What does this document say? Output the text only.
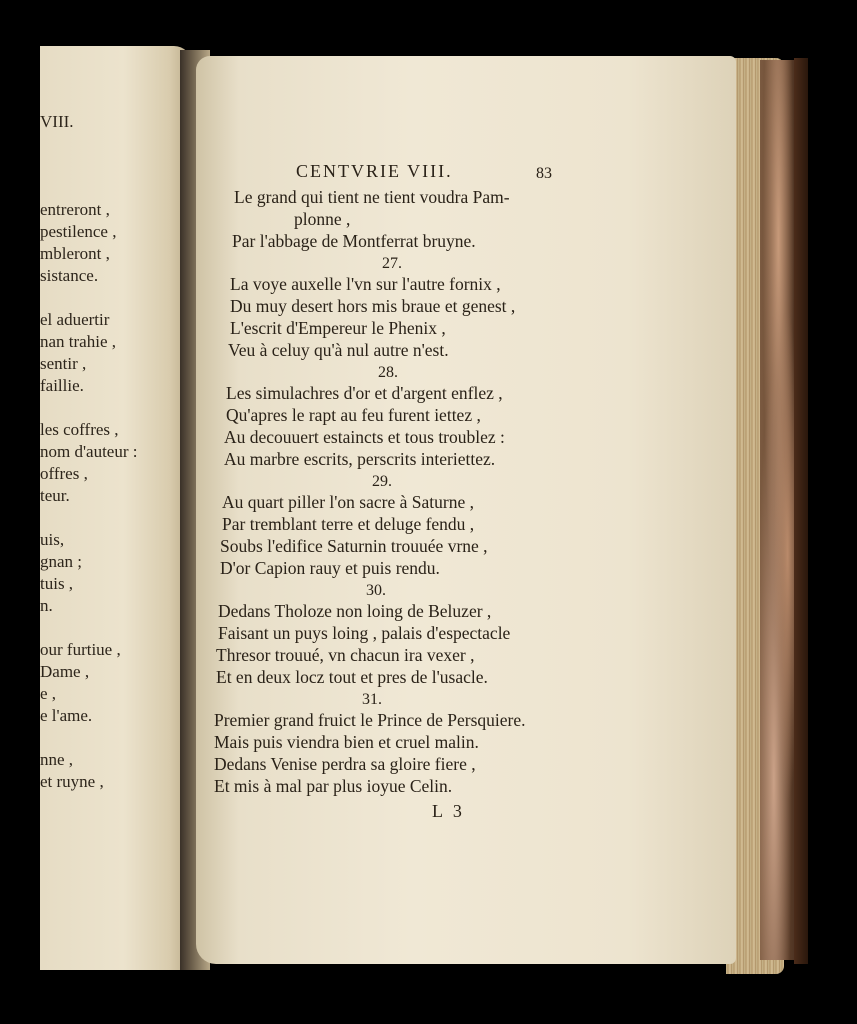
VIII.
entreront ,
pestilence ,
mbleront ,
sistance.
el aduertir
nan trahie ,
sentir ,
faillie.
les coffres ,
nom d'auteur :
offres ,
teur.
uis,
gnan ;
tuis ,
n.
our furtiue ,
Dame ,
e ,
e l'ame.
nne ,
et ruyne ,
CENTVRIE VIII.	83
Le grand qui tient ne tient voudra Pam-
plonne ,
Par l'abbage de Montferrat bruyne.
27.
La voye auxelle l'vn sur l'autre fornix ,
Du muy desert hors mis braue et genest ,
L'escrit d'Empereur le Phenix ,
Veu à celuy qu'à nul autre n'est.
28.
Les simulachres d'or et d'argent enflez ,
Qu'apres le rapt au feu furent iettez ,
Au decouuert estaincts et tous troublez :
Au marbre escrits, perscrits interiettez.
29.
Au quart piller l'on sacre à Saturne ,
Par tremblant terre et deluge fendu ,
Soubs l'edifice Saturnin trouuée vrne ,
D'or Capion rauy et puis rendu.
30.
Dedans Tholoze non loing de Beluzer ,
Faisant un puys loing , palais d'espectacle
Thresor trouué, vn chacun ira vexer ,
Et en deux locz tout et pres de l'usacle.
31.
Premier grand fruict le Prince de Persquiere.
Mais puis viendra bien et cruel malin.
Dedans Venise perdra sa gloire fiere ,
Et mis à mal par plus ioyue Celin.
L 3
